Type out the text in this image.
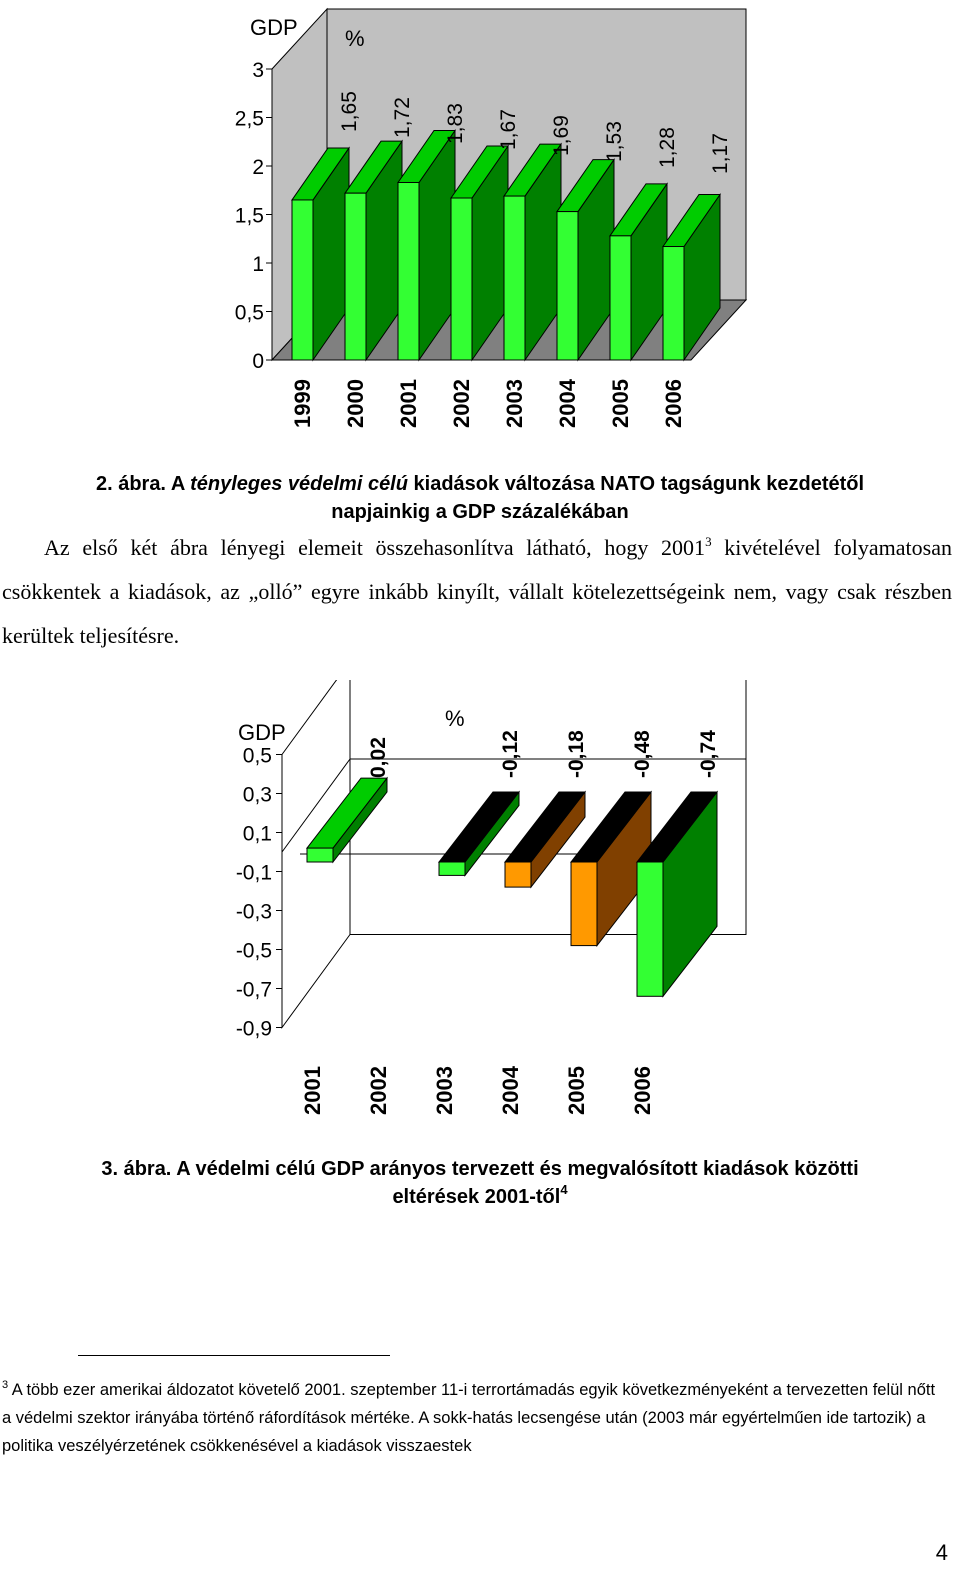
GDP %
0
0,5
1
1,5
2
2,5
3
1999
1,65
2000
1,72
2001
1,83
2002
1,67
2003
1,69
2004
1,53
2005
1,28
2006
1,17
2. ábra. A tényleges védelmi célú kiadások változása NATO tagságunk kezdetétől
napjainkig a GDP százalékában
Az első két ábra lényegi elemeit összehasonlítva látható, hogy 2001$^3$ kivételével folyamatosan csökkentek a kiadások, az „olló” egyre inkább kinyílt, vállalt kötelezettségeink nem, vagy csak részben kerültek teljesítésre.
GDP
%
0,5
0,3
0,1
-0,1
-0,3
-0,5
-0,7
-0,9
2001 2002 2003 2004 2005 2006
0,02	-0,12 -0,18 -0,48 -0,74
3. ábra. A védelmi célú GDP arányos tervezett és megvalósított kiadások közötti
eltérések 2001-től$^4$
$^3$ A több ezer amerikai áldozatot követelő 2001. szeptember 11-i terrortámadás egyik következményeként a tervezetten felül nőtt a védelmi szektor irányába történő ráfordítások mértéke. A sokk-hatás lecsengése után (2003 már egyértelműen ide tartozik) a politika veszélyérzetének csökkenésével a kiadások visszaestek
4
